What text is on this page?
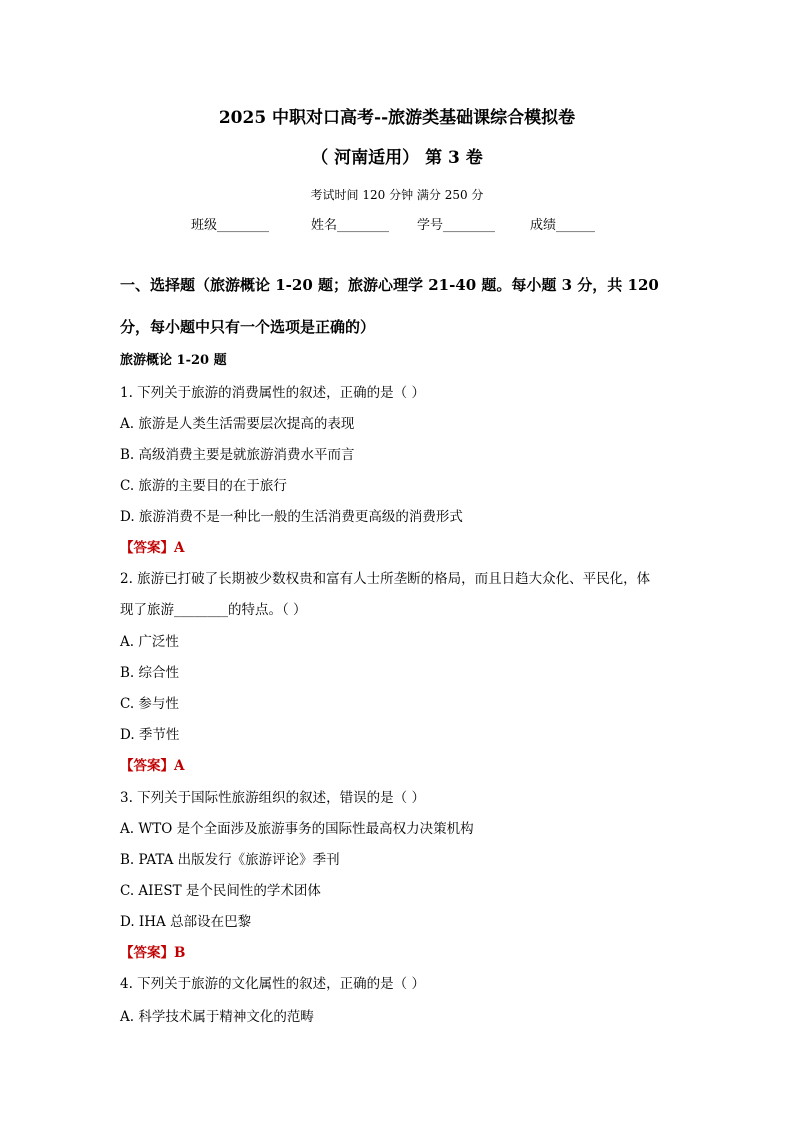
2025 中职对口高考--旅游类基础课综合模拟卷
（ 河南适用） 第 3 卷
考试时间 120 分钟 满分 250 分
班级________	姓名________ 学号________	成绩______
一、选择题（旅游概论 1-20 题；旅游心理学 21-40 题。每小题 3 分，共 120
分，每小题中只有一个选项是正确的）
旅游概论 1-20 题
1. 下列关于旅游的消费属性的叙述，正确的是（ ）
A. 旅游是人类生活需要层次提高的表现
B. 高级消费主要是就旅游消费水平而言
C. 旅游的主要目的在于旅行
D. 旅游消费不是一种比一般的生活消费更高级的消费形式
【答案】A
2. 旅游已打破了长期被少数权贵和富有人士所垄断的格局，而且日趋大众化、平民化，体
现了旅游________的特点。（ ）
A. 广泛性
B. 综合性
C. 参与性
D. 季节性
【答案】A
3. 下列关于国际性旅游组织的叙述，错误的是（ ）
A. WTO 是个全面涉及旅游事务的国际性最高权力决策机构
B. PATA 出版发行《旅游评论》季刊
C. AIEST 是个民间性的学术团体
D. IHA 总部设在巴黎
【答案】B
4. 下列关于旅游的文化属性的叙述，正确的是（ ）
A. 科学技术属于精神文化的范畴
